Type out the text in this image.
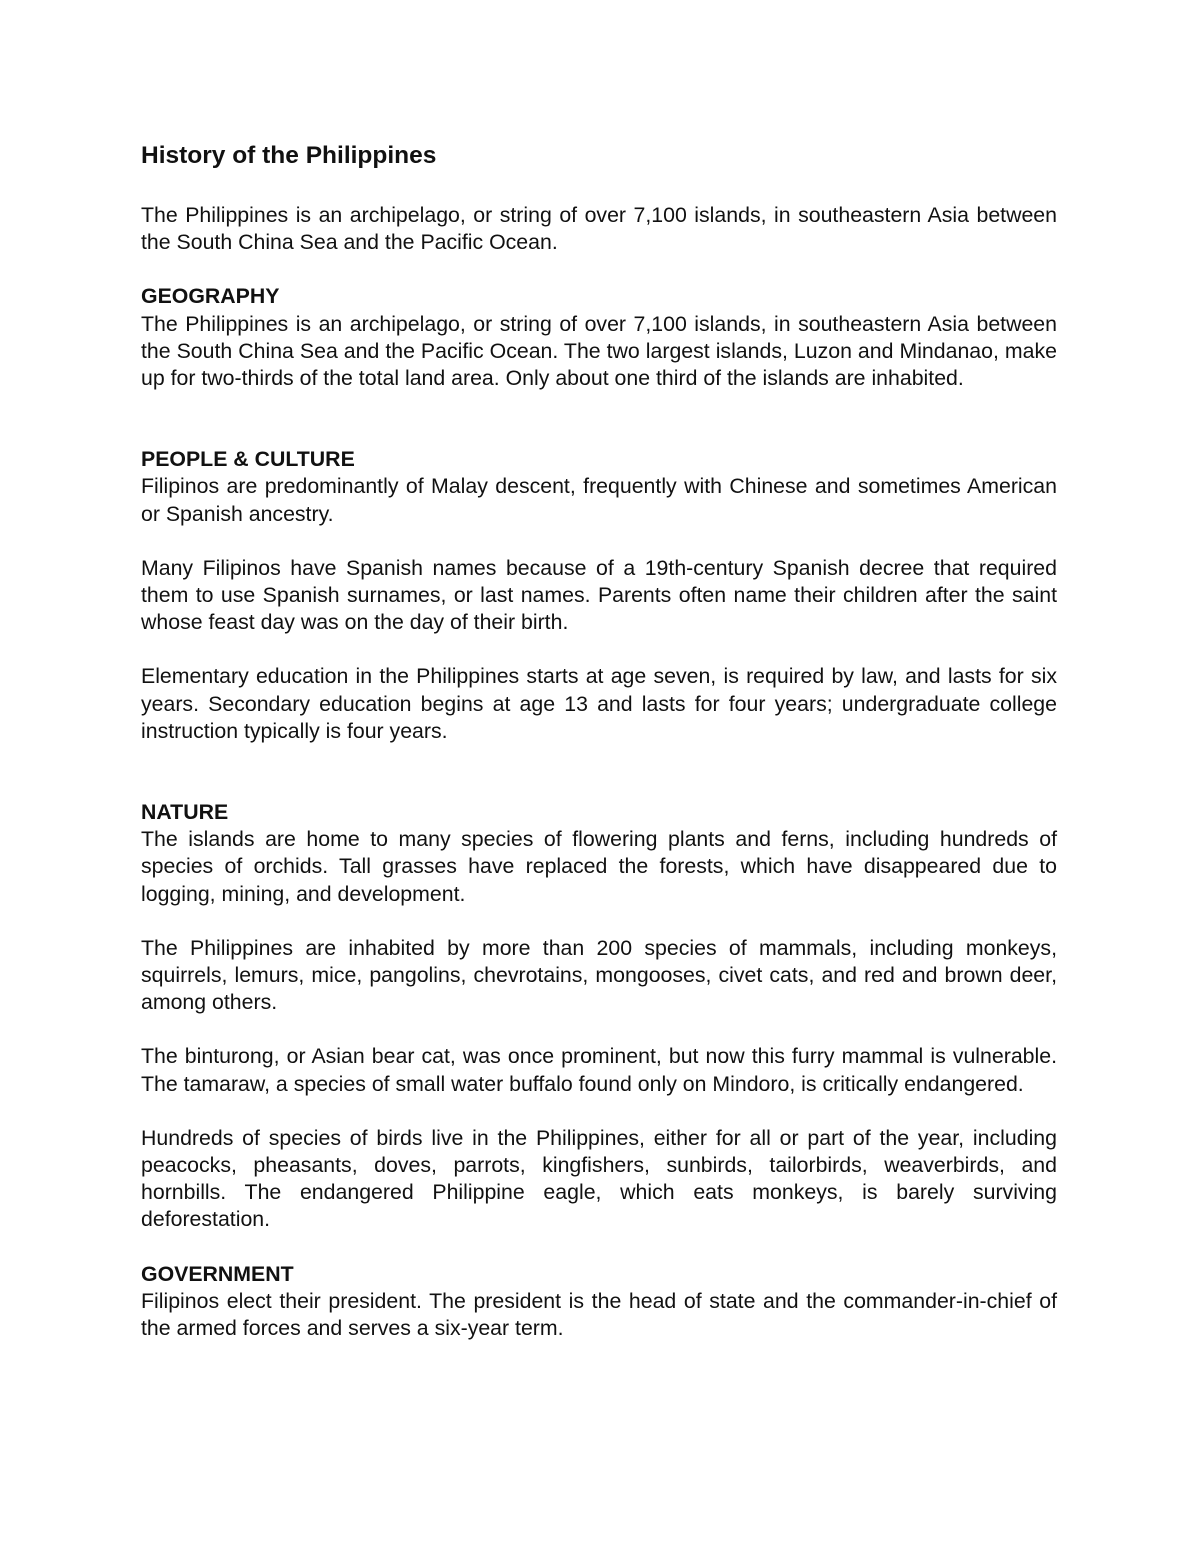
History of the Philippines

The Philippines is an archipelago, or string of over 7,100 islands, in southeastern Asia between the South China Sea and the Pacific Ocean.

GEOGRAPHY

The Philippines is an archipelago, or string of over 7,100 islands, in southeastern Asia between the South China Sea and the Pacific Ocean. The two largest islands, Luzon and Mindanao, make up for two-thirds of the total land area. Only about one third of the islands are inhabited.

PEOPLE & CULTURE

Filipinos are predominantly of Malay descent, frequently with Chinese and sometimes American or Spanish ancestry.

Many Filipinos have Spanish names because of a 19th-century Spanish decree that required them to use Spanish surnames, or last names. Parents often name their children after the saint whose feast day was on the day of their birth.

Elementary education in the Philippines starts at age seven, is required by law, and lasts for six years. Secondary education begins at age 13 and lasts for four years; undergraduate college instruction typically is four years.

NATURE

The islands are home to many species of flowering plants and ferns, including hundreds of species of orchids. Tall grasses have replaced the forests, which have disappeared due to logging, mining, and development.

The Philippines are inhabited by more than 200 species of mammals, including monkeys, squirrels, lemurs, mice, pangolins, chevrotains, mongooses, civet cats, and red and brown deer, among others.

The binturong, or Asian bear cat, was once prominent, but now this furry mammal is vulnerable. The tamaraw, a species of small water buffalo found only on Mindoro, is critically endangered.

Hundreds of species of birds live in the Philippines, either for all or part of the year, including peacocks, pheasants, doves, parrots, kingfishers, sunbirds, tailorbirds, weaverbirds, and hornbills. The endangered Philippine eagle, which eats monkeys, is barely surviving deforestation.

GOVERNMENT

Filipinos elect their president. The president is the head of state and the commander-in-chief of the armed forces and serves a six-year term.
